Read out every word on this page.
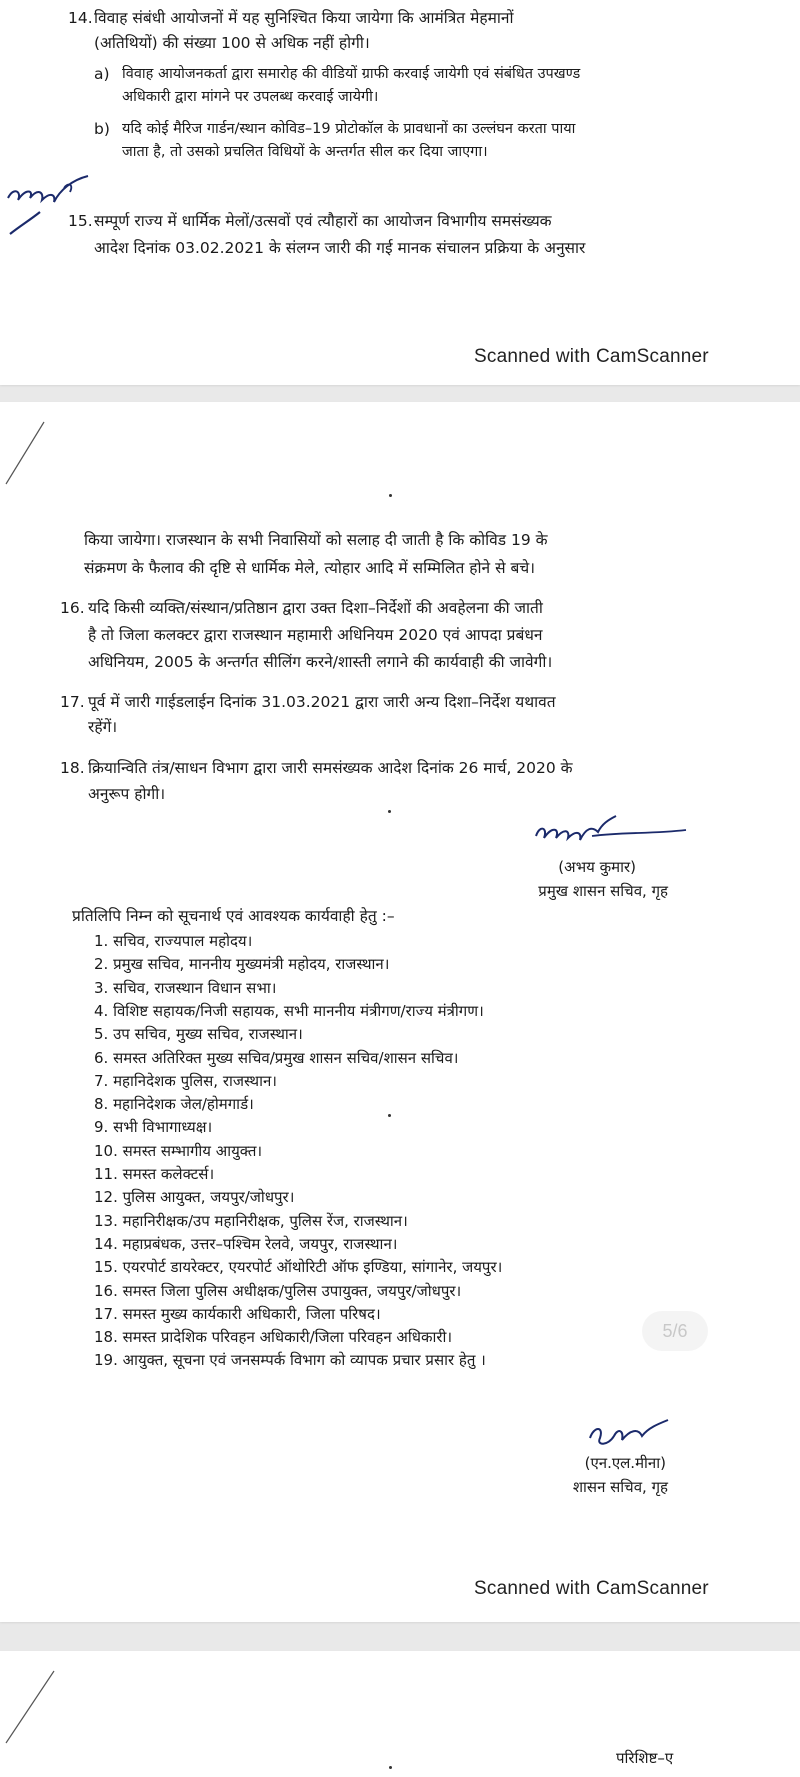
14. विवाह संबंधी आयोजनों में यह सुनिश्चित किया जायेगा कि आमंत्रित मेहमानों
(अतिथियों) की संख्या 100 से अधिक नहीं होगी।
a) विवाह आयोजनकर्ता द्वारा समारोह की वीडियों ग्राफी करवाई जायेगी एवं संबंधित उपखण्ड
अधिकारी द्वारा मांगने पर उपलब्ध करवाई जायेगी।
b) यदि कोई मैरिज गार्डन/स्थान कोविड–19 प्रोटोकॉल के प्रावधानों का उल्लंघन करता पाया
जाता है, तो उसको प्रचलित विधियों के अन्तर्गत सील कर दिया जाएगा।
15. सम्पूर्ण राज्य में धार्मिक मेलों/उत्सवों एवं त्यौहारों का आयोजन विभागीय समसंख्यक
आदेश दिनांक 03.02.2021 के संलग्न जारी की गई मानक संचालन प्रक्रिया के अनुसार
Scanned with CamScanner
किया जायेगा। राजस्थान के सभी निवासियों को सलाह दी जाती है कि कोविड 19 के
संक्रमण के फैलाव की दृष्टि से धार्मिक मेले, त्योहार आदि में सम्मिलित होने से बचे।
16. यदि किसी व्यक्ति/संस्थान/प्रतिष्ठान द्वारा उक्त दिशा–निर्देशों की अवहेलना की जाती
है तो जिला कलक्टर द्वारा राजस्थान महामारी अधिनियम 2020 एवं आपदा प्रबंधन
अधिनियम, 2005 के अन्तर्गत सीलिंग करने/शास्ती लगाने की कार्यवाही की जावेगी।
17. पूर्व में जारी गाईडलाईन दिनांक 31.03.2021 द्वारा जारी अन्य दिशा–निर्देश यथावत
रहेंगें।
18. क्रियान्विति तंत्र/साधन विभाग द्वारा जारी समसंख्यक आदेश दिनांक 26 मार्च, 2020 के
अनुरूप होगी।
(अभय कुमार)
प्रमुख शासन सचिव, गृह
प्रतिलिपि निम्न को सूचनार्थ एवं आवश्यक कार्यवाही हेतु :–
1. सचिव, राज्यपाल महोदय।
2. प्रमुख सचिव, माननीय मुख्यमंत्री महोदय, राजस्थान।
3. सचिव, राजस्थान विधान सभा।
4. विशिष्ट सहायक/निजी सहायक, सभी माननीय मंत्रीगण/राज्य मंत्रीगण।
5. उप सचिव, मुख्य सचिव, राजस्थान।
6. समस्त अतिरिक्त मुख्य सचिव/प्रमुख शासन सचिव/शासन सचिव।
7. महानिदेशक पुलिस, राजस्थान।
8. महानिदेशक जेल/होमगार्ड।
9. सभी विभागाध्यक्ष।
10. समस्त सम्भागीय आयुक्त।
11. समस्त कलेक्टर्स।
12. पुलिस आयुक्त, जयपुर/जोधपुर।
13. महानिरीक्षक/उप महानिरीक्षक, पुलिस रेंज, राजस्थान।
14. महाप्रबंधक, उत्तर–पश्चिम रेलवे, जयपुर, राजस्थान।
15. एयरपोर्ट डायरेक्टर, एयरपोर्ट ऑथोरिटी ऑफ इण्डिया, सांगानेर, जयपुर।
16. समस्त जिला पुलिस अधीक्षक/पुलिस उपायुक्त, जयपुर/जोधपुर।
17. समस्त मुख्य कार्यकारी अधिकारी, जिला परिषद।
18. समस्त प्रादेशिक परिवहन अधिकारी/जिला परिवहन अधिकारी।
19. आयुक्त, सूचना एवं जनसम्पर्क विभाग को व्यापक प्रचार प्रसार हेतु ।
(एन.एल.मीना)
शासन सचिव, गृह
Scanned with CamScanner
5/6
परिशिष्ट–ए
